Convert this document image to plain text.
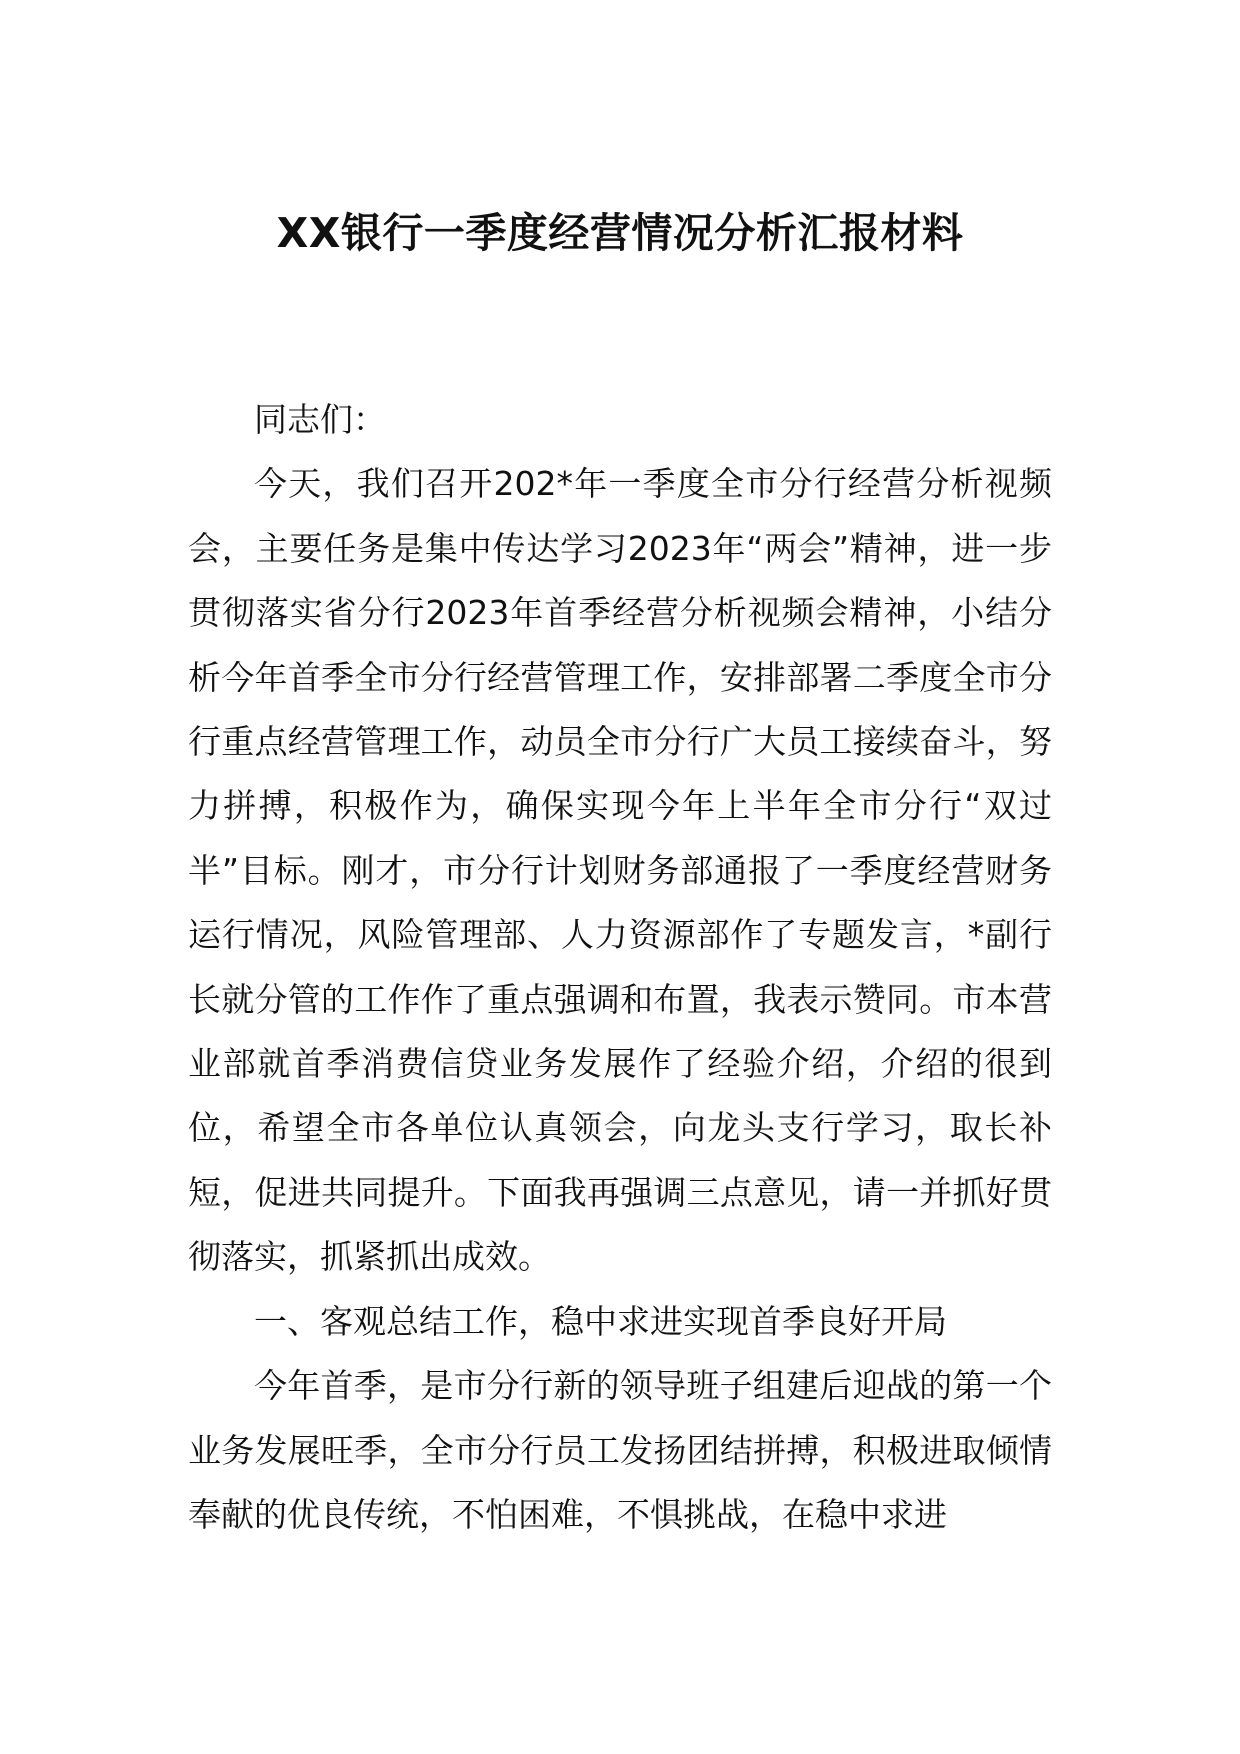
XX银行一季度经营情况分析汇报材料

同志们：

今天，我们召开202*年一季度全市分行经营分析视频会，主要任务是集中传达学习2023年“两会”精神，进一步贯彻落实省分行2023年首季经营分析视频会精神，小结分析今年首季全市分行经营管理工作，安排部署二季度全市分行重点经营管理工作，动员全市分行广大员工接续奋斗，努力拼搏，积极作为，确保实现今年上半年全市分行“双过半”目标。刚才，市分行计划财务部通报了一季度经营财务运行情况，风险管理部、人力资源部作了专题发言，*副行长就分管的工作作了重点强调和布置，我表示赞同。市本营业部就首季消费信贷业务发展作了经验介绍，介绍的很到位，希望全市各单位认真领会，向龙头支行学习，取长补短，促进共同提升。下面我再强调三点意见，请一并抓好贯彻落实，抓紧抓出成效。

一、客观总结工作，稳中求进实现首季良好开局

今年首季，是市分行新的领导班子组建后迎战的第一个业务发展旺季，全市分行员工发扬团结拼搏，积极进取倾情奉献的优良传统，不怕困难，不惧挑战，在稳中求进
